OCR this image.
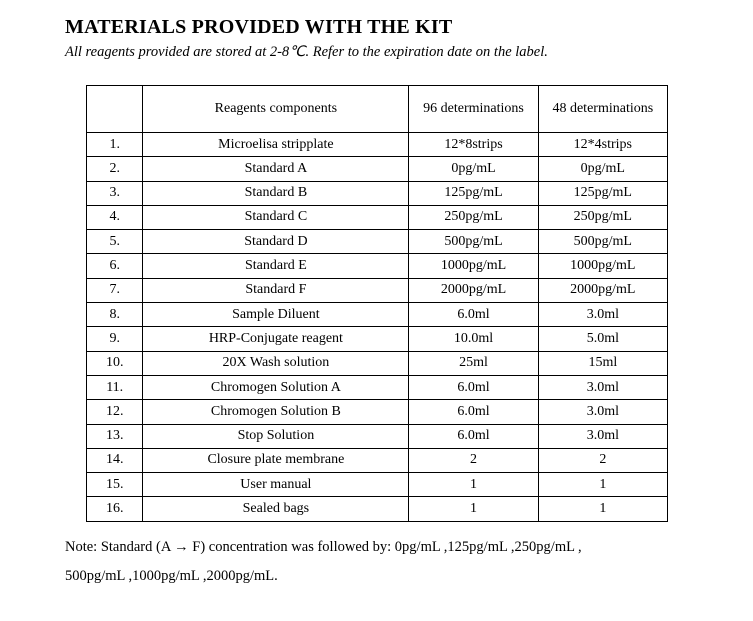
MATERIALS PROVIDED WITH THE KIT
All reagents provided are stored at 2-8℃. Refer to the expiration date on the label.
	Reagents components	96 determinations	48 determinations
1.	Microelisa stripplate	12*8strips	12*4strips
2.	Standard A	0pg/mL	0pg/mL
3.	Standard B	125pg/mL	125pg/mL
4.	Standard C	250pg/mL	250pg/mL
5.	Standard D	500pg/mL	500pg/mL
6.	Standard E	1000pg/mL	1000pg/mL
7.	Standard F	2000pg/mL	2000pg/mL
8.	Sample Diluent	6.0ml	3.0ml
9.	HRP-Conjugate reagent	10.0ml	5.0ml
10.	20X Wash solution	25ml	15ml
11.	Chromogen Solution A	6.0ml	3.0ml
12.	Chromogen Solution B	6.0ml	3.0ml
13.	Stop Solution	6.0ml	3.0ml
14.	Closure plate membrane	2	2
15.	User manual	1	1
16.	Sealed bags	1	1
Note: Standard (A → F) concentration was followed by: 0pg/mL ,125pg/mL ,250pg/mL ,
500pg/mL ,1000pg/mL ,2000pg/mL.
